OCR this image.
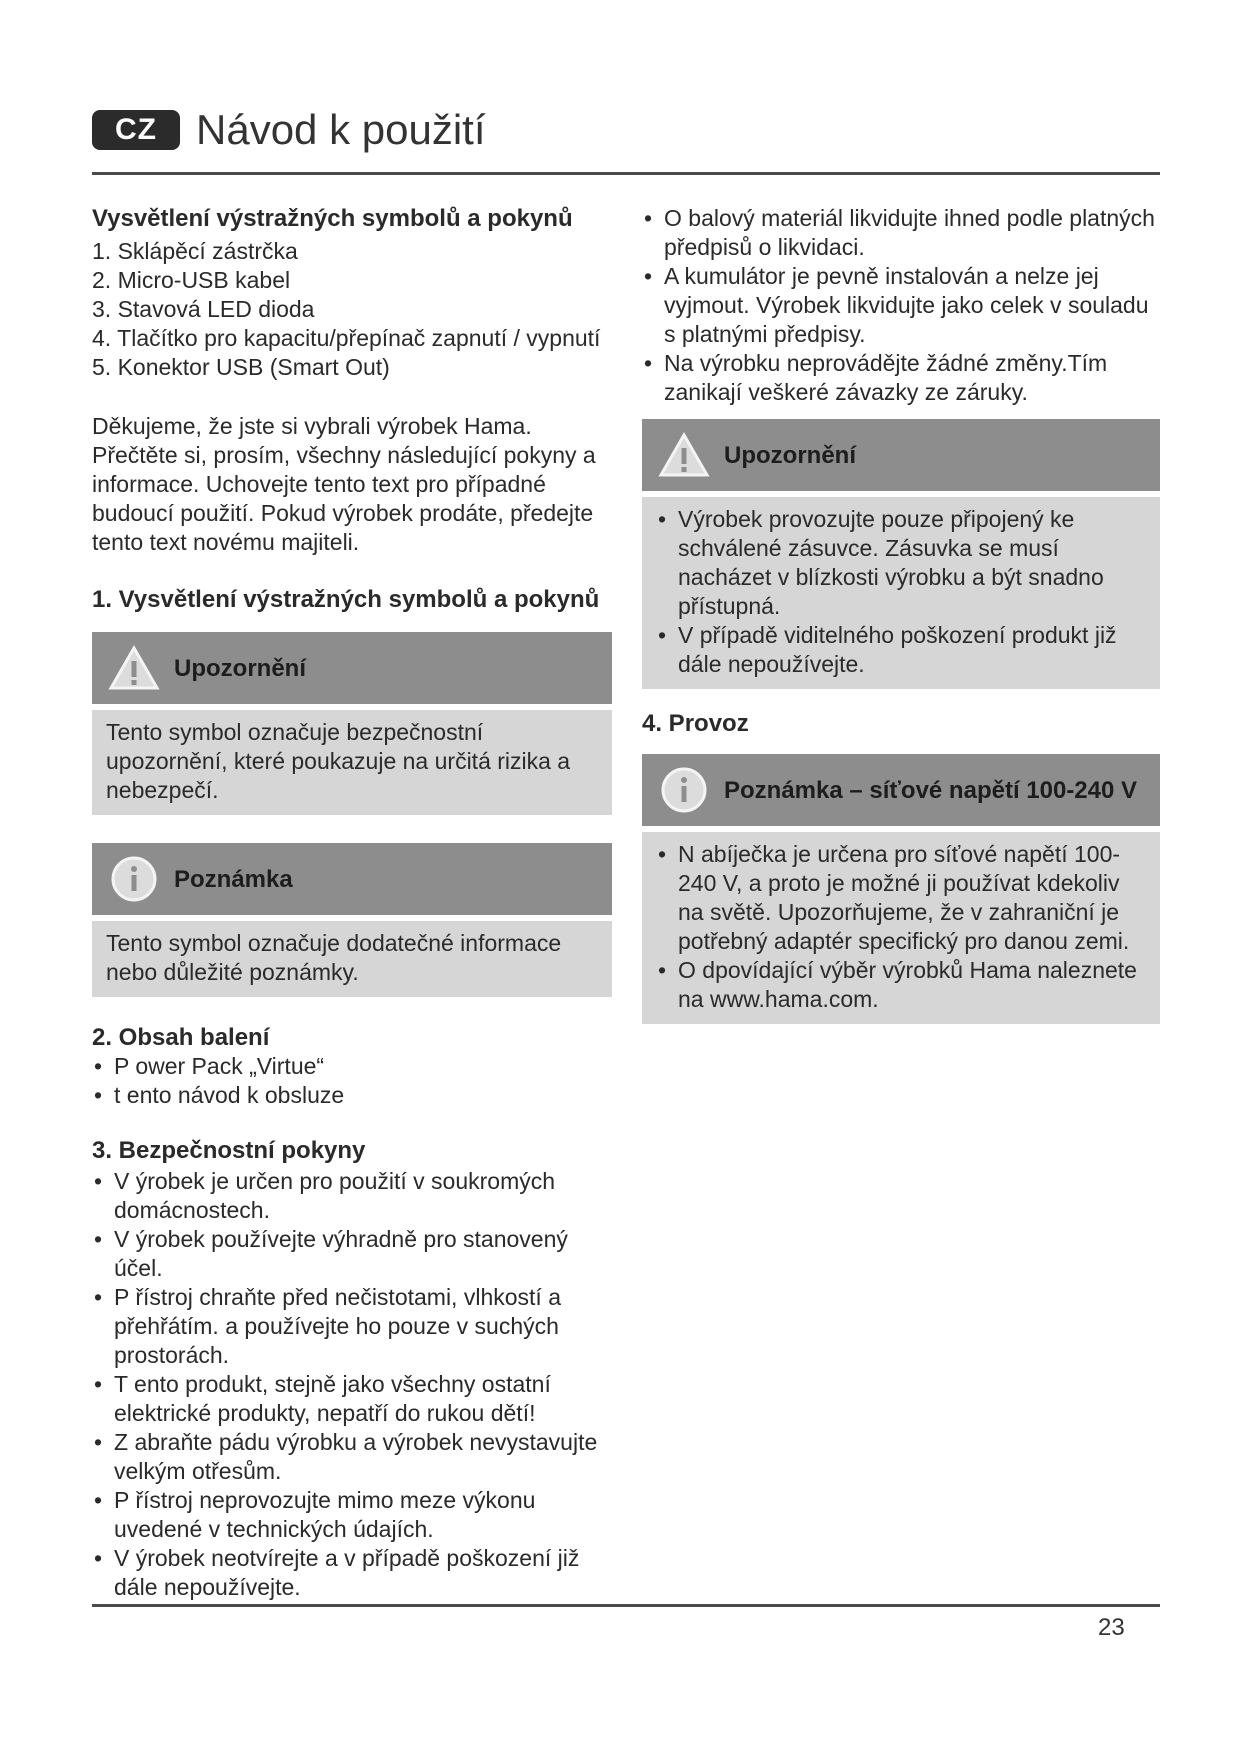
CZ Návod k použití

Vysvětlení výstražných symbolů a pokynů

1. Sklápěcí zástrčka
2. Micro-USB kabel
3. Stavová LED dioda
4. Tlačítko pro kapacitu/přepínač zapnutí / vypnutí
5. Konektor USB (Smart Out)

Děkujeme, že jste si vybrali výrobek Hama. Přečtěte si, prosím, všechny následující pokyny a informace. Uchovejte tento text pro případné budoucí použití. Pokud výrobek prodáte, předejte tento text novému majiteli.

1. Vysvětlení výstražných symbolů a pokynů

Upozornění

Tento symbol označuje bezpečnostní upozornění, které poukazuje na určitá rizika a nebezpečí.

Poznámka

Tento symbol označuje dodatečné informace nebo důležité poznámky.

2. Obsah balení

• P ower Pack „Virtue“
• t ento návod k obsluze

3. Bezpečnostní pokyny

• V ýrobek je určen pro použití v soukromých domácnostech.
• V ýrobek používejte výhradně pro stanovený účel.
• P řístroj chraňte před nečistotami, vlhkostí a přehřátím. a používejte ho pouze v suchých prostorách.
• T ento produkt, stejně jako všechny ostatní elektrické produkty, nepatří do rukou dětí!
• Z abraňte pádu výrobku a výrobek nevystavujte velkým otřesům.
• P řístroj neprovozujte mimo meze výkonu uvedené v technických údajích.
• V ýrobek neotvírejte a v případě poškození již dále nepoužívejte.
• O balový materiál likvidujte ihned podle platných předpisů o likvidaci.
• A kumulátor je pevně instalován a nelze jej vyjmout. Výrobek likvidujte jako celek v souladu s platnými předpisy.
• Na výrobku neprovádějte žádné změny.Tím zanikají veškeré závazky ze záruky.
Upozornění
• Výrobek provozujte pouze připojený ke schválené zásuvce. Zásuvka se musí nacházet v blízkosti výrobku a být snadno přístupná.
• V případě viditelného poškození produkt již dále nepoužívejte.

4. Provoz

Poznámka – síťové napětí 100-240 V
• N abíječka je určena pro síťové napětí 100-240 V, a proto je možné ji používat kdekoliv na světě. Upozorňujeme, že v zahraniční je potřebný adaptér specifický pro danou zemi.
• O dpovídající výběr výrobků Hama naleznete na www.hama.com.
23
